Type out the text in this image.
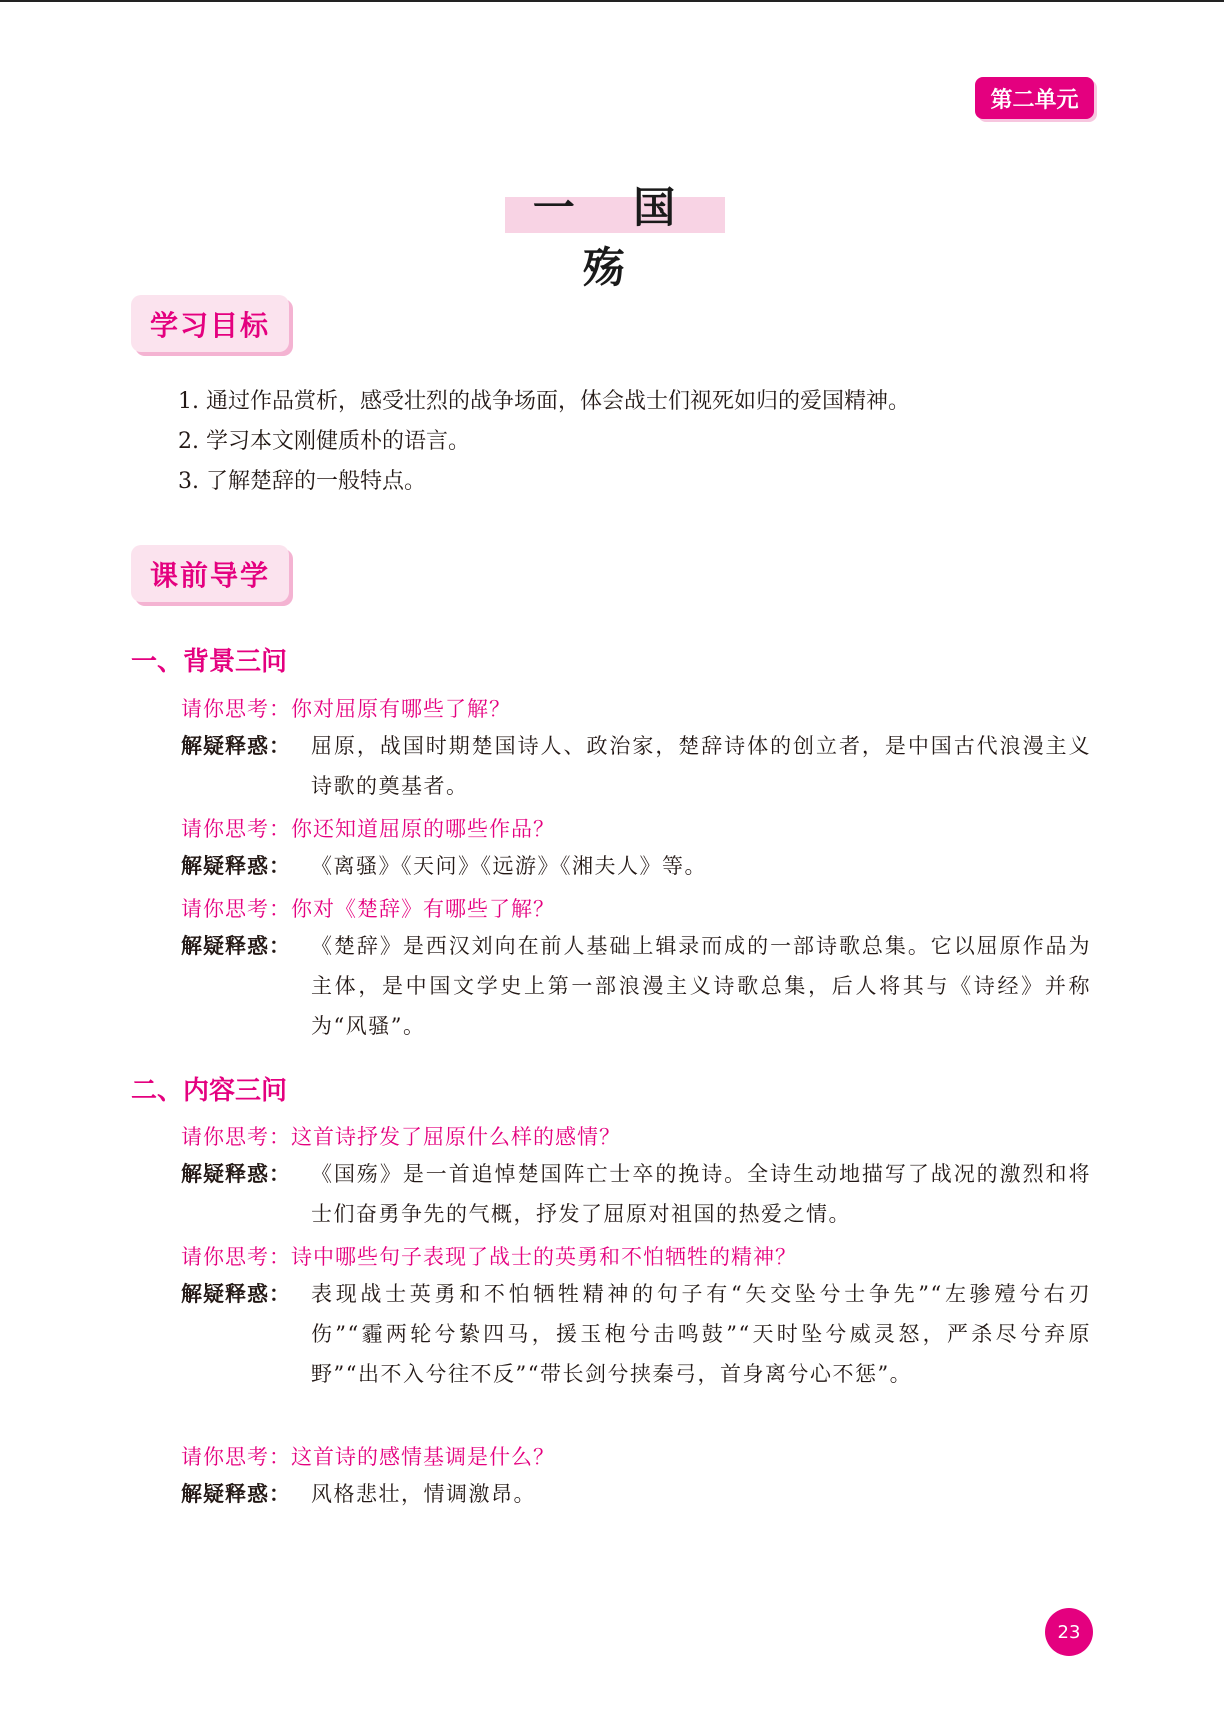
第二单元
一 国 殇
学习目标
1. 通过作品赏析，感受壮烈的战争场面，体会战士们视死如归的爱国精神。
2. 学习本文刚健质朴的语言。
3. 了解楚辞的一般特点。
课前导学
一、背景三问
请你思考：你对屈原有哪些了解？
解疑释惑： 屈原，战国时期楚国诗人、政治家，楚辞诗体的创立者，是中国古代浪漫主义诗歌的奠基者。
请你思考：你还知道屈原的哪些作品？
解疑释惑： 《离骚》《天问》《远游》《湘夫人》等。
请你思考：你对《楚辞》有哪些了解？
解疑释惑： 《楚辞》是西汉刘向在前人基础上辑录而成的一部诗歌总集。它以屈原作品为主体，是中国文学史上第一部浪漫主义诗歌总集，后人将其与《诗经》并称为“风骚”。
二、内容三问
请你思考：这首诗抒发了屈原什么样的感情？
解疑释惑： 《国殇》是一首追悼楚国阵亡士卒的挽诗。全诗生动地描写了战况的激烈和将士们奋勇争先的气概，抒发了屈原对祖国的热爱之情。
请你思考：诗中哪些句子表现了战士的英勇和不怕牺牲的精神？
解疑释惑： 表现战士英勇和不怕牺牲精神的句子有“矢交坠兮士争先”“左骖殪兮右刃伤”“霾两轮兮絷四马，援玉枹兮击鸣鼓”“天时坠兮威灵怒，严杀尽兮弃原野”“出不入兮往不反”“带长剑兮挟秦弓，首身离兮心不惩”。
请你思考：这首诗的感情基调是什么？
解疑释惑： 风格悲壮，情调激昂。
23
